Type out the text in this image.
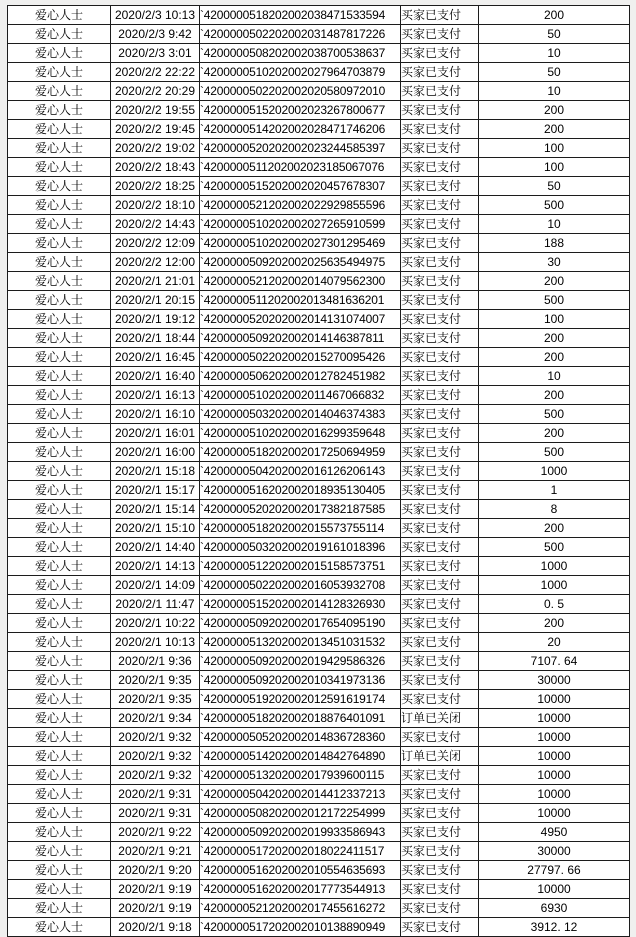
爱心人士	2020/2/3 10:13	`4200000518202002038471533594	买家已支付	200
爱心人士	2020/2/3 9:42	`4200000502202002031487817226	买家已支付	50
爱心人士	2020/2/3 3:01	`4200000508202002038700538637	买家已支付	10
爱心人士	2020/2/2 22:22	`4200000510202002027964703879	买家已支付	50
爱心人士	2020/2/2 20:29	`4200000502202002020580972010	买家已支付	10
爱心人士	2020/2/2 19:55	`4200000515202002023267800677	买家已支付	200
爱心人士	2020/2/2 19:45	`4200000514202002028471746206	买家已支付	200
爱心人士	2020/2/2 19:02	`4200000520202002023244585397	买家已支付	100
爱心人士	2020/2/2 18:43	`4200000511202002023185067076	买家已支付	100
爱心人士	2020/2/2 18:25	`4200000515202002020457678307	买家已支付	50
爱心人士	2020/2/2 18:10	`4200000521202002022929855596	买家已支付	500
爱心人士	2020/2/2 14:43	`4200000510202002027265910599	买家已支付	10
爱心人士	2020/2/2 12:09	`4200000510202002027301295469	买家已支付	188
爱心人士	2020/2/2 12:00	`4200000509202002025635494975	买家已支付	30
爱心人士	2020/2/1 21:01	`4200000521202002014079562300	买家已支付	200
爱心人士	2020/2/1 20:15	`4200000511202002013481636201	买家已支付	500
爱心人士	2020/2/1 19:12	`4200000520202002014131074007	买家已支付	100
爱心人士	2020/2/1 18:44	`4200000509202002014146387811	买家已支付	200
爱心人士	2020/2/1 16:45	`4200000502202002015270095426	买家已支付	200
爱心人士	2020/2/1 16:40	`4200000506202002012782451982	买家已支付	10
爱心人士	2020/2/1 16:13	`4200000510202002011467066832	买家已支付	200
爱心人士	2020/2/1 16:10	`4200000503202002014046374383	买家已支付	500
爱心人士	2020/2/1 16:01	`4200000510202002016299359648	买家已支付	200
爱心人士	2020/2/1 16:00	`4200000518202002017250694959	买家已支付	500
爱心人士	2020/2/1 15:18	`4200000504202002016126206143	买家已支付	1000
爱心人士	2020/2/1 15:17	`4200000516202002018935130405	买家已支付	1
爱心人士	2020/2/1 15:14	`4200000520202002017382187585	买家已支付	8
爱心人士	2020/2/1 15:10	`4200000518202002015573755114	买家已支付	200
爱心人士	2020/2/1 14:40	`4200000503202002019161018396	买家已支付	500
爱心人士	2020/2/1 14:13	`4200000512202002015158573751	买家已支付	1000
爱心人士	2020/2/1 14:09	`4200000502202002016053932708	买家已支付	1000
爱心人士	2020/2/1 11:47	`4200000515202002014128326930	买家已支付	0. 5
爱心人士	2020/2/1 10:22	`4200000509202002017654095190	买家已支付	200
爱心人士	2020/2/1 10:13	`4200000513202002013451031532	买家已支付	20
爱心人士	2020/2/1 9:36	`4200000509202002019429586326	买家已支付	7107. 64
爱心人士	2020/2/1 9:35	`4200000509202002010341973136	买家已支付	30000
爱心人士	2020/2/1 9:35	`4200000519202002012591619174	买家已支付	10000
爱心人士	2020/2/1 9:34	`4200000518202002018876401091	订单已关闭	10000
爱心人士	2020/2/1 9:32	`4200000505202002014836728360	买家已支付	10000
爱心人士	2020/2/1 9:32	`4200000514202002014842764890	订单已关闭	10000
爱心人士	2020/2/1 9:32	`4200000513202002017939600115	买家已支付	10000
爱心人士	2020/2/1 9:31	`4200000504202002014412337213	买家已支付	10000
爱心人士	2020/2/1 9:31	`4200000508202002012172254999	买家已支付	10000
爱心人士	2020/2/1 9:22	`4200000509202002019933586943	买家已支付	4950
爱心人士	2020/2/1 9:21	`4200000517202002018022411517	买家已支付	30000
爱心人士	2020/2/1 9:20	`4200000516202002010554635693	买家已支付	27797. 66
爱心人士	2020/2/1 9:19	`4200000516202002017773544913	买家已支付	10000
爱心人士	2020/2/1 9:19	`4200000521202002017455616272	买家已支付	6930
爱心人士	2020/2/1 9:18	`4200000517202002010138890949	买家已支付	3912. 12
